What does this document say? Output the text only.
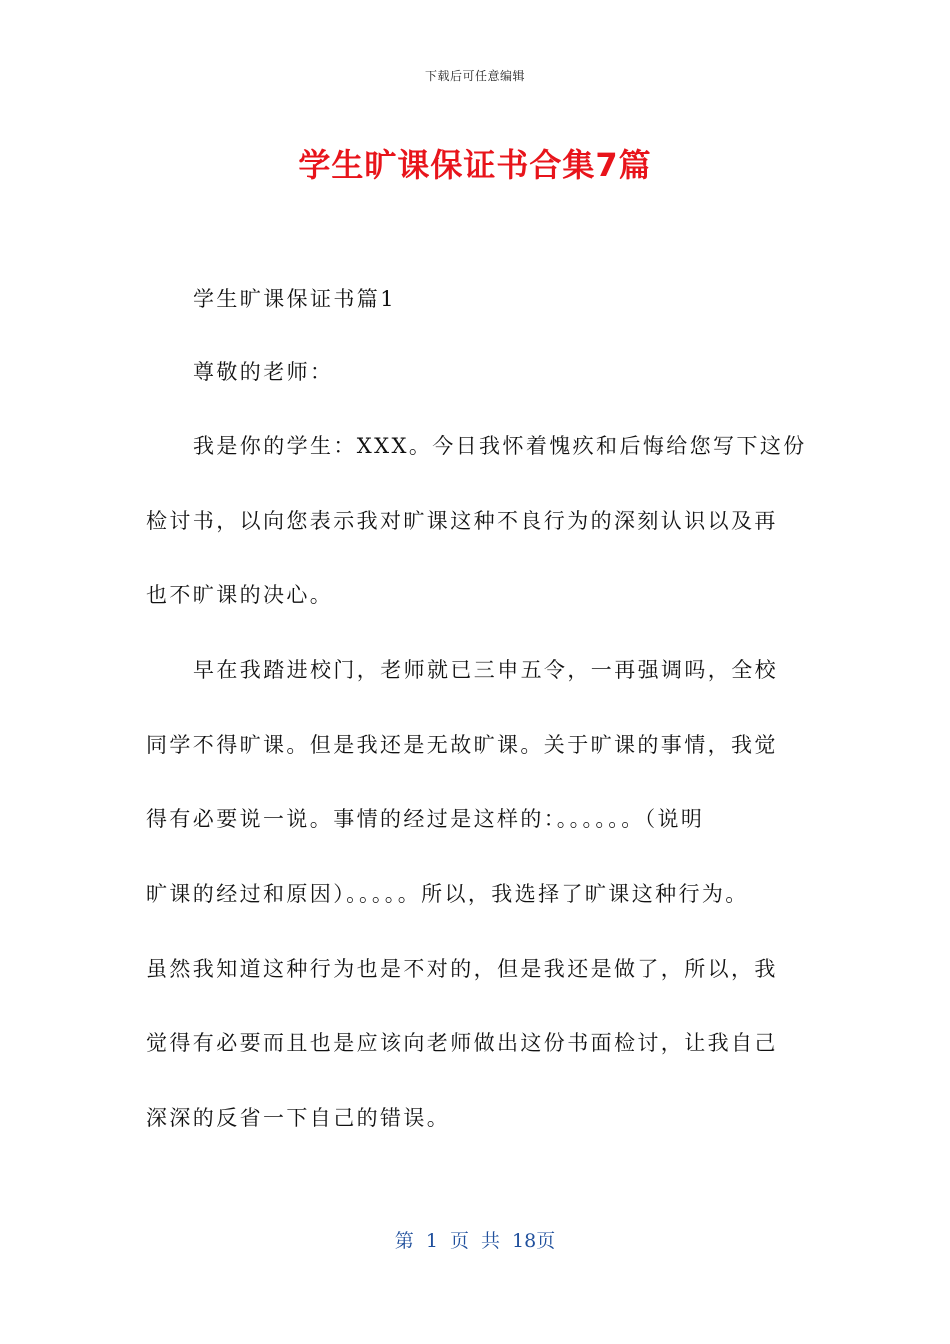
下载后可任意编辑
学生旷课保证书合集7篇
学生旷课保证书篇1
尊敬的老师：
我是你的学生：XXX。今日我怀着愧疚和后悔给您写下这份
检讨书，以向您表示我对旷课这种不良行为的深刻认识以及再
也不旷课的决心。
早在我踏进校门，老师就已三申五令，一再强调吗，全校
同学不得旷课。但是我还是无故旷课。关于旷课的事情，我觉
得有必要说一说。事情的经过是这样的：。。。。。。（说明
旷课的经过和原因）。。。。。所以，我选择了旷课这种行为。
虽然我知道这种行为也是不对的，但是我还是做了，所以，我
觉得有必要而且也是应该向老师做出这份书面检讨，让我自己
深深的反省一下自己的错误。
第 1 页 共 18页
